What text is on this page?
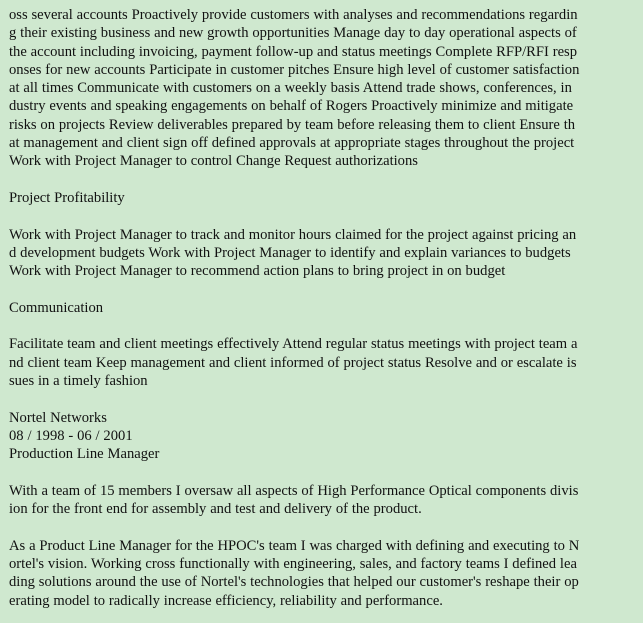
oss several accounts Proactively provide customers with analyses and recommendations regardin
g their existing business and new growth opportunities Manage day to day operational aspects of
the account including invoicing, payment follow-up and status meetings Complete RFP/RFI resp
onses for new accounts Participate in customer pitches Ensure high level of customer satisfaction
at all times Communicate with customers on a weekly basis Attend trade shows, conferences, in
dustry events and speaking engagements on behalf of Rogers Proactively minimize and mitigate
risks on projects Review deliverables prepared by team before releasing them to client Ensure th
at management and client sign off defined approvals at appropriate stages throughout the project
Work with Project Manager to control Change Request authorizations
Project Profitability
Work with Project Manager to track and monitor hours claimed for the project against pricing an
d development budgets Work with Project Manager to identify and explain variances to budgets
Work with Project Manager to recommend action plans to bring project in on budget
Communication
Facilitate team and client meetings effectively Attend regular status meetings with project team a
nd client team Keep management and client informed of project status Resolve and or escalate is
sues in a timely fashion
Nortel Networks
08 / 1998 - 06 / 2001
Production Line Manager
With a team of 15 members I oversaw all aspects of High Performance Optical components divis
ion for the front end for assembly and test and delivery of the product.
As a Product Line Manager for the HPOC's team I was charged with defining and executing to N
ortel's vision. Working cross functionally with engineering, sales, and factory teams I defined lea
ding solutions around the use of Nortel's technologies that helped our customer's reshape their op
erating model to radically increase efficiency, reliability and performance.
